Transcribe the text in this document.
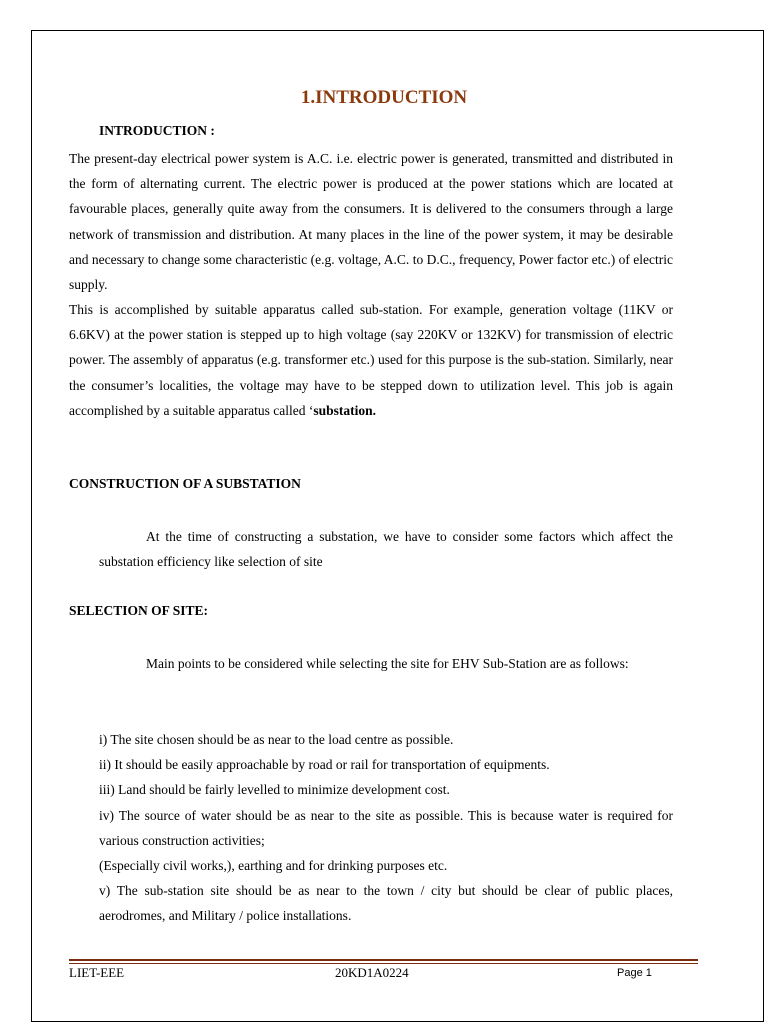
1.INTRODUCTION
INTRODUCTION :
The present-day electrical power system is A.C. i.e. electric power is generated, transmitted and distributed in the form of alternating current. The electric power is produced at the power stations which are located at favourable places, generally quite away from the consumers. It is delivered to the consumers through a large network of transmission and distribution. At many places in the line of the power system, it may be desirable and necessary to change some characteristic (e.g. voltage, A.C. to D.C., frequency, Power factor etc.) of electric supply.
This is accomplished by suitable apparatus called sub-station. For example, generation voltage (11KV or 6.6KV) at the power station is stepped up to high voltage (say 220KV or 132KV) for transmission of electric power. The assembly of apparatus (e.g. transformer etc.) used for this purpose is the sub-station. Similarly, near the consumer’s localities, the voltage may have to be stepped down to utilization level. This job is again accomplished by a suitable apparatus called ‘substation.
CONSTRUCTION OF A SUBSTATION
At the time of constructing a substation, we have to consider some factors which affect the substation efficiency like selection of site
SELECTION OF SITE:
Main points to be considered while selecting the site for EHV Sub-Station are as follows:
i) The site chosen should be as near to the load centre as possible.
ii) It should be easily approachable by road or rail for transportation of equipments.
iii) Land should be fairly levelled to minimize development cost.
iv) The source of water should be as near to the site as possible. This is because water is required for various construction activities;
(Especially civil works,), earthing and for drinking purposes etc.
v) The sub-station site should be as near to the town / city but should be clear of public places, aerodromes, and Military / police installations.
LIET-EEE	20KD1A0224	Page 1
